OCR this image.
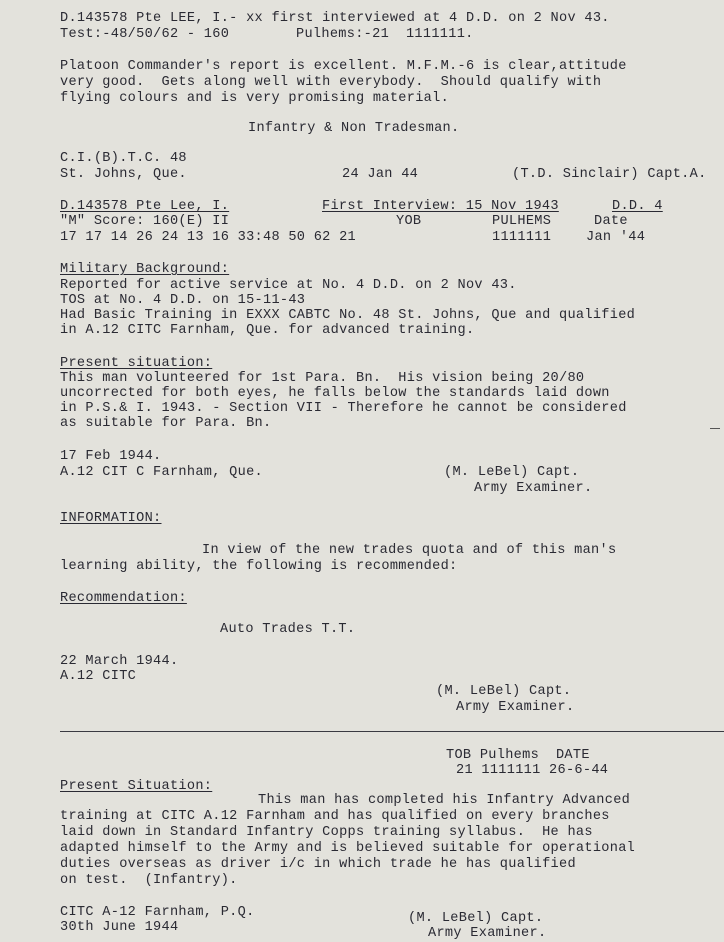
D.143578 Pte LEE, I.- xx first interviewed at 4 D.D. on 2 Nov 43.
Test:-48/50/62 - 160	Pulhems:-21  1111111.
Platoon Commander's report is excellent. M.F.M.-6 is clear,attitude
very good.  Gets along well with everybody.  Should qualify with
flying colours and is very promising material.
Infantry & Non Tradesman.
C.I.(B).T.C. 48
St. Johns, Que.	24 Jan 44	(T.D. Sinclair) Capt.A.
D.143578 Pte Lee, I.	First Interview: 15 Nov 1943	D.D. 4
"M" Score: 160(E) II	YOB	PULHEMS	Date
17 17 14 26 24 13 16 33:48 50 62 21	1111111	Jan '44
Military Background:
Reported for active service at No. 4 D.D. on 2 Nov 43.
TOS at No. 4 D.D. on 15-11-43
Had Basic Training in EXXX CABTC No. 48 St. Johns, Que and qualified
in A.12 CITC Farnham, Que. for advanced training.
Present situation:
This man volunteered for 1st Para. Bn.  His vision being 20/80
uncorrected for both eyes, he falls below the standards laid down
in P.S.& I. 1943. - Section VII - Therefore he cannot be considered
as suitable for Para. Bn.
17 Feb 1944.
A.12 CIT C Farnham, Que.	(M. LeBel) Capt.
Army Examiner.
INFORMATION:
In view of the new trades quota and of this man's
learning ability, the following is recommended:
Recommendation:
Auto Trades T.T.
22 March 1944.
A.12 CITC
(M. LeBel) Capt.
Army Examiner.
TOB Pulhems  DATE
21 1111111 26-6-44
Present Situation:
This man has completed his Infantry Advanced
training at CITC A.12 Farnham and has qualified on every branches
laid down in Standard Infantry Copps training syllabus.  He has
adapted himself to the Army and is believed suitable for operational
duties overseas as driver i/c in which trade he has qualified
on test.  (Infantry).
CITC A-12 Farnham, P.Q.	(M. LeBel) Capt.
30th June 1944	Army Examiner.
